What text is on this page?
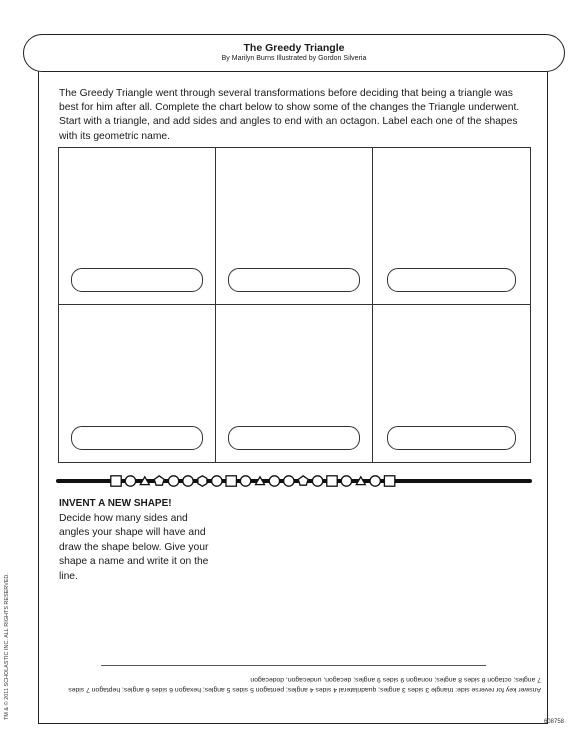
The Greedy Triangle
By Marilyn Burns Illustrated by Gordon Silveria
The Greedy Triangle went through several transformations before deciding that being a triangle was best for him after all. Complete the chart below to show some of the changes the Triangle underwent. Start with a triangle, and add sides and angles to end with an octagon. Label each one of the shapes with its geometric name.
INVENT A NEW SHAPE!
Decide how many sides and angles your shape will have and draw the shape below. Give your shape a name and write it on the line.
Answer key for reverse side: triangle 3 sides 3 angles; quadrilateral 4 sides 4 angles; pentagon 5 sides 5 angles; hexagon 6 sides 6 angles; heptagon 7 sides 7 angles; octagon 8 sides 8 angles; nonagon 9 sides 9 angles; decagon, undecagon, dodecagon
TM & © 2011 SCHOLASTIC INC. ALL RIGHTS RESERVED.
608758
